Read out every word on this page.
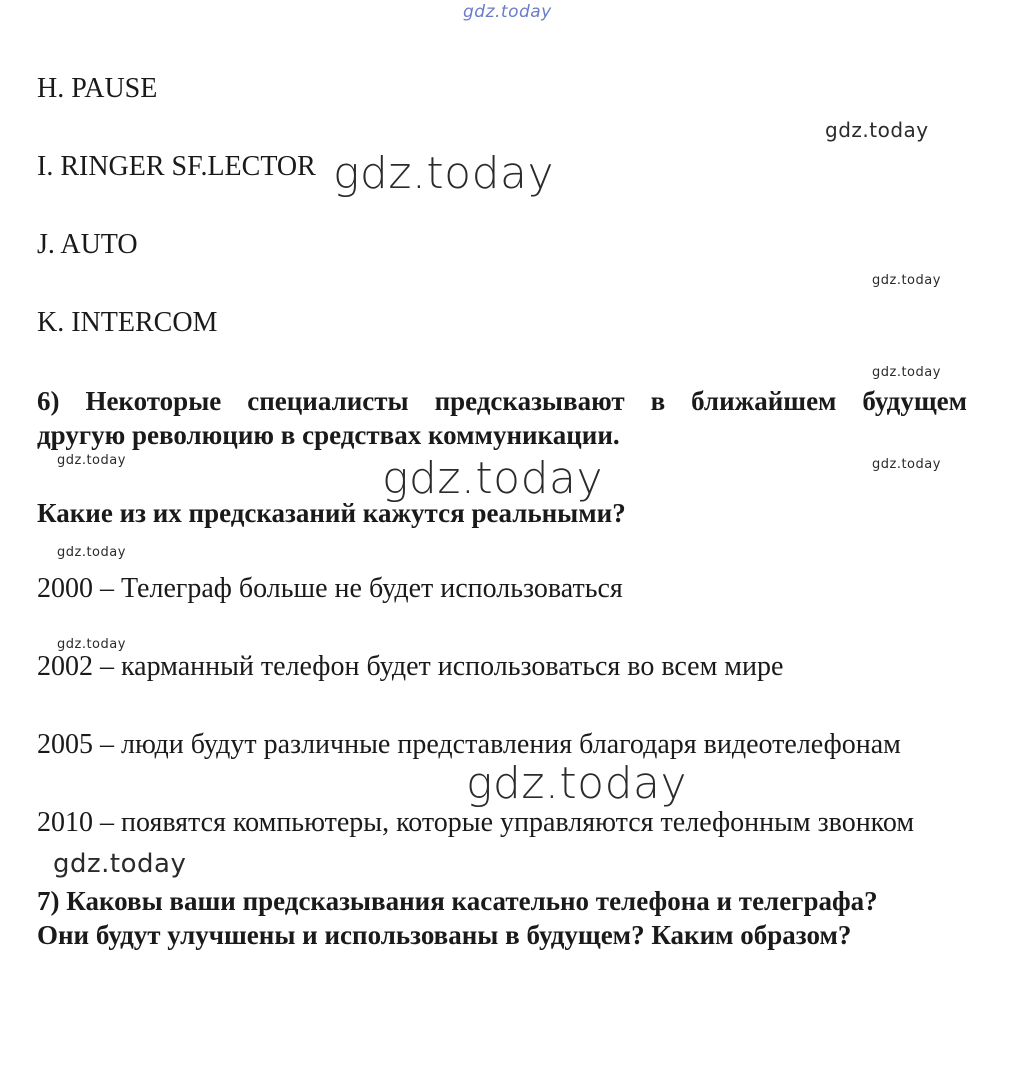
gdz.today
gdz.today
gdz.today
gdz.today
gdz.today
gdz.today	gdz.today
gdz.today
gdz.today
gdz.today
gdz.today
gdz.today
H. PAUSE
I. RINGER SF.LECTOR
J. AUTO
K. INTERCOM
6) Некоторые специалисты предсказывают в ближайшем будущем
другую революцию в средствах коммуникации.
Какие из их предсказаний кажутся реальными?
2000 – Телеграф больше не будет использоваться
2002 – карманный телефон будет использоваться во всем мире
2005 – люди будут различные представления благодаря видеотелефонам
2010 – появятся компьютеры, которые управляются телефонным звонком
7) Каковы ваши предсказывания касательно телефона и телеграфа?
Они будут улучшены и использованы в будущем? Каким образом?
